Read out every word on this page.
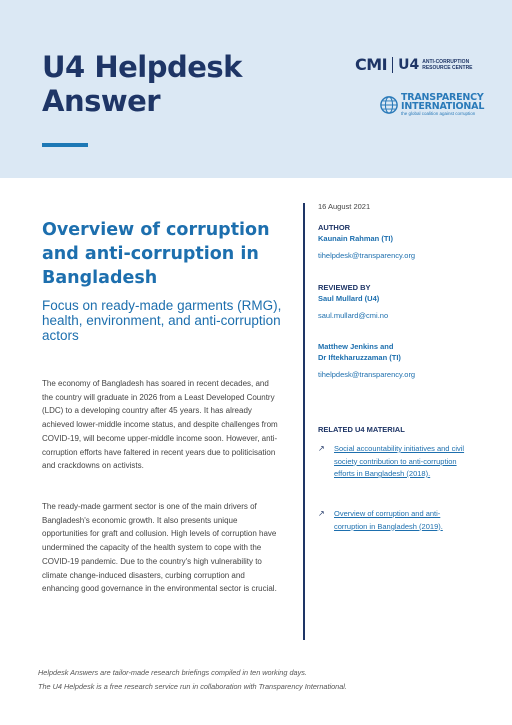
U4 Helpdesk
Answer
CMI U4 ANTI-CORRUPTION RESOURCE CENTRE
TRANSPARENCY
INTERNATIONAL
the global coalition against corruption
Overview of corruption and anti-corruption in Bangladesh
Focus on ready-made garments (RMG), health, environment, and anti-corruption actors
The economy of Bangladesh has soared in recent decades, and the country will graduate in 2026 from a Least Developed Country (LDC) to a developing country after 45 years. It has already achieved lower-middle income status, and despite challenges from COVID-19, will become upper-middle income soon. However, anti-corruption efforts have faltered in recent years due to politicisation and crackdowns on activists.
The ready-made garment sector is one of the main drivers of Bangladesh's economic growth. It also presents unique opportunities for graft and collusion. High levels of corruption have undermined the capacity of the health system to cope with the COVID-19 pandemic. Due to the country's high vulnerability to climate change-induced disasters, curbing corruption and enhancing good governance in the environmental sector is crucial.
16 August 2021
AUTHOR
Kaunain Rahman (TI)
tihelpdesk@transparency.org
REVIEWED BY
Saul Mullard (U4)
saul.mullard@cmi.no
Matthew Jenkins and
Dr Iftekharuzzaman (TI)
tihelpdesk@transparency.org
RELATED U4 MATERIAL
↗	Social accountability initiatives and civil society contribution to anti-corruption efforts in Bangladesh (2018).
↗	Overview of corruption and anti-corruption in Bangladesh (2019).
Helpdesk Answers are tailor-made research briefings compiled in ten working days.
The U4 Helpdesk is a free research service run in collaboration with Transparency International.
